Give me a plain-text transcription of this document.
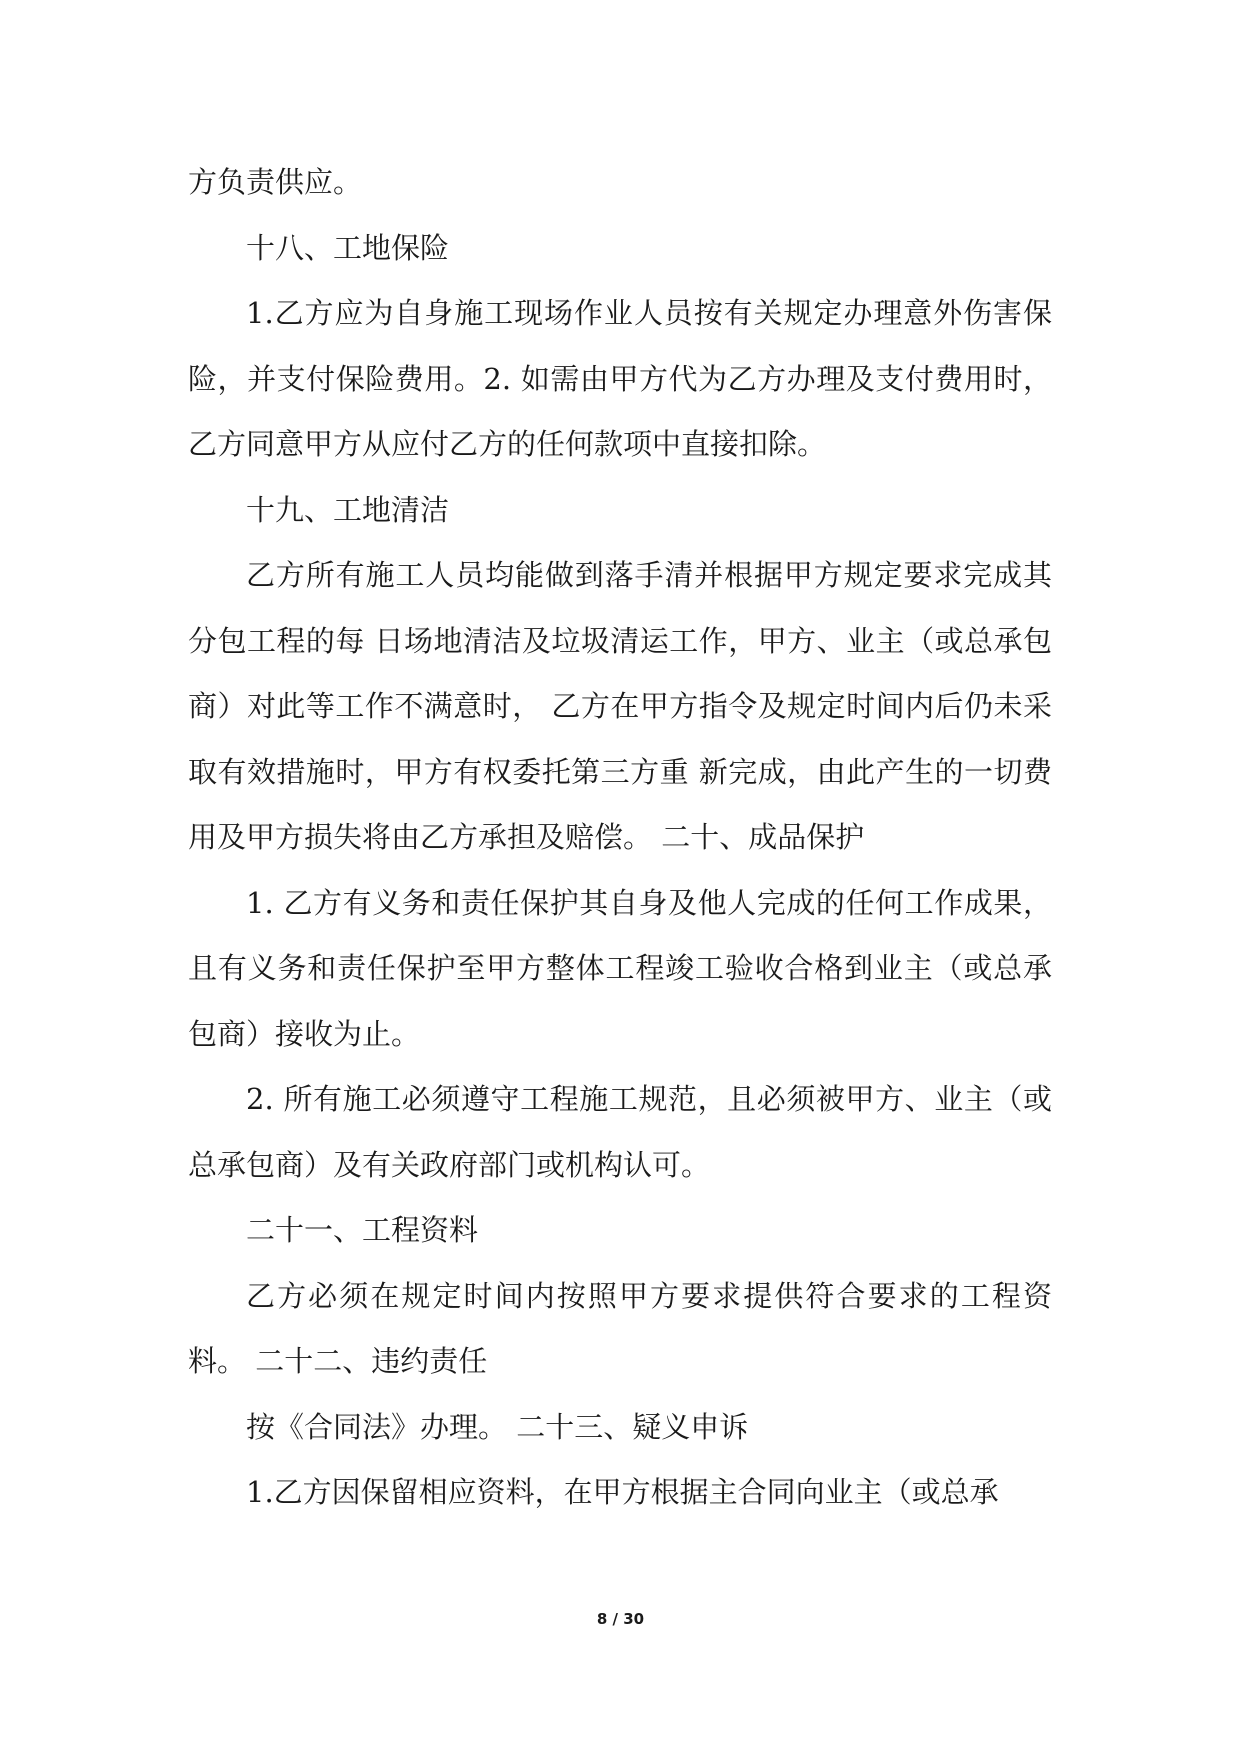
方负责供应。

十八、工地保险

1.乙方应为自身施工现场作业人员按有关规定办理意外伤害保险，并支付保险费用。2. 如需由甲方代为乙方办理及支付费用时，乙方同意甲方从应付乙方的任何款项中直接扣除。

十九、工地清洁

乙方所有施工人员均能做到落手清并根据甲方规定要求完成其分包工程的每 日场地清洁及垃圾清运工作，甲方、业主（或总承包商）对此等工作不满意时， 乙方在甲方指令及规定时间内后仍未采取有效措施时，甲方有权委托第三方重 新完成，由此产生的一切费用及甲方损失将由乙方承担及赔偿。 二十、成品保护

1. 乙方有义务和责任保护其自身及他人完成的任何工作成果，且有义务和责任保护至甲方整体工程竣工验收合格到业主（或总承包商）接收为止。

2. 所有施工必须遵守工程施工规范，且必须被甲方、业主（或总承包商）及有关政府部门或机构认可。

二十一、工程资料

乙方必须在规定时间内按照甲方要求提供符合要求的工程资料。 二十二、违约责任

按《合同法》办理。 二十三、疑义申诉

1.乙方因保留相应资料，在甲方根据主合同向业主（或总承

8 / 30
